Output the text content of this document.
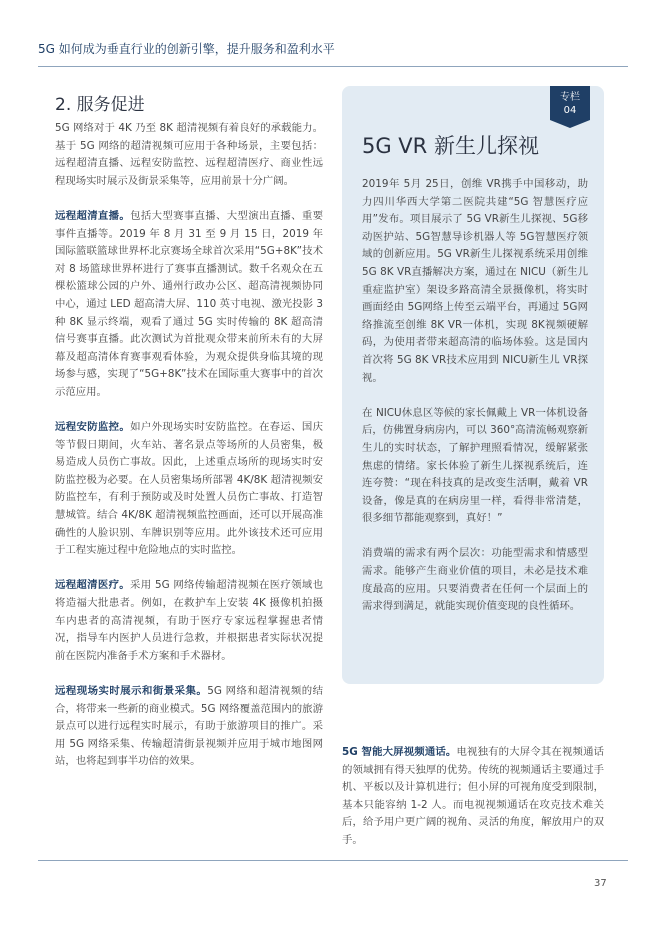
5G 如何成为垂直行业的创新引擎，提升服务和盈利水平
2. 服务促进

5G 网络对于 4K 乃至 8K 超清视频有着良好的承载能力。基于 5G 网络的超清视频可应用于各种场景，主要包括：远程超清直播、远程安防监控、远程超清医疗、商业性远程现场实时展示及街景采集等，应用前景十分广阔。

远程超清直播。包括大型赛事直播、大型演出直播、重要事件直播等。2019 年 8 月 31 至 9 月 15 日，2019 年国际篮联篮球世界杯北京赛场全球首次采用“5G+8K”技术对 8 场篮球世界杯进行了赛事直播测试。数千名观众在五棵松篮球公园的户外、通州行政办公区、超高清视频协同中心，通过 LED 超高清大屏、110 英寸电视、激光投影 3 种 8K 显示终端，观看了通过 5G 实时传输的 8K 超高清信号赛事直播。此次测试为首批观众带来前所未有的大屏幕及超高清体育赛事观看体验，为观众提供身临其境的现场参与感，实现了“5G+8K”技术在国际重大赛事中的首次示范应用。

远程安防监控。如户外现场实时安防监控。在春运、国庆等节假日期间，火车站、著名景点等场所的人员密集，极易造成人员伤亡事故。因此，上述重点场所的现场实时安防监控极为必要。在人员密集场所部署 4K/8K 超清视频安防监控车，有利于预防或及时处置人员伤亡事故、打造智慧城管。结合 4K/8K 超清视频监控画面，还可以开展高准确性的人脸识别、车牌识别等应用。此外该技术还可应用于工程实施过程中危险地点的实时监控。

远程超清医疗。采用 5G 网络传输超清视频在医疗领域也将造福大批患者。例如，在救护车上安装 4K 摄像机拍摄车内患者的高清视频，有助于医疗专家远程掌握患者情况，指导车内医护人员进行急救，并根据患者实际状况提前在医院内准备手术方案和手术器材。

远程现场实时展示和街景采集。5G 网络和超清视频的结合，将带来一些新的商业模式。5G 网络覆盖范围内的旅游景点可以进行远程实时展示，有助于旅游项目的推广。采用 5G 网络采集、传输超清街景视频并应用于城市地图网站，也将起到事半功倍的效果。

专栏
04
5G VR 新生儿探视

2019年 5月 25日，创维 VR携手中国移动，助力四川华西大学第二医院共建“5G 智慧医疗应用”发布。项目展示了 5G VR新生儿探视、5G移动医护站、5G智慧导诊机器人等 5G智慧医疗领域的创新应用。5G VR新生儿探视系统采用创维 5G 8K VR直播解决方案，通过在 NICU（新生儿重症监护室）架设多路高清全景摄像机，将实时画面经由 5G网络上传至云端平台，再通过 5G网络推流至创维 8K VR一体机，实现 8K视频硬解码，为使用者带来超高清的临场体验。这是国内首次将 5G 8K VR技术应用到 NICU新生儿 VR探视。

在 NICU休息区等候的家长佩戴上 VR一体机设备后，仿佛置身病房内，可以 360°高清流畅观察新生儿的实时状态，了解护理照看情况，缓解紧张焦虑的情绪。家长体验了新生儿探视系统后，连连夸赞：“现在科技真的是改变生活啊，戴着 VR设备，像是真的在病房里一样，看得非常清楚，很多细节都能观察到，真好！”

消费端的需求有两个层次：功能型需求和情感型需求。能够产生商业价值的项目，未必是技术难度最高的应用。只要消费者在任何一个层面上的需求得到满足，就能实现价值变现的良性循环。

5G 智能大屏视频通话。电视独有的大屏令其在视频通话的领域拥有得天独厚的优势。传统的视频通话主要通过手机、平板以及计算机进行；但小屏的可视角度受到限制，基本只能容纳 1-2 人。而电视视频通话在攻克技术难关后，给予用户更广阔的视角、灵活的角度，解放用户的双手。

37
